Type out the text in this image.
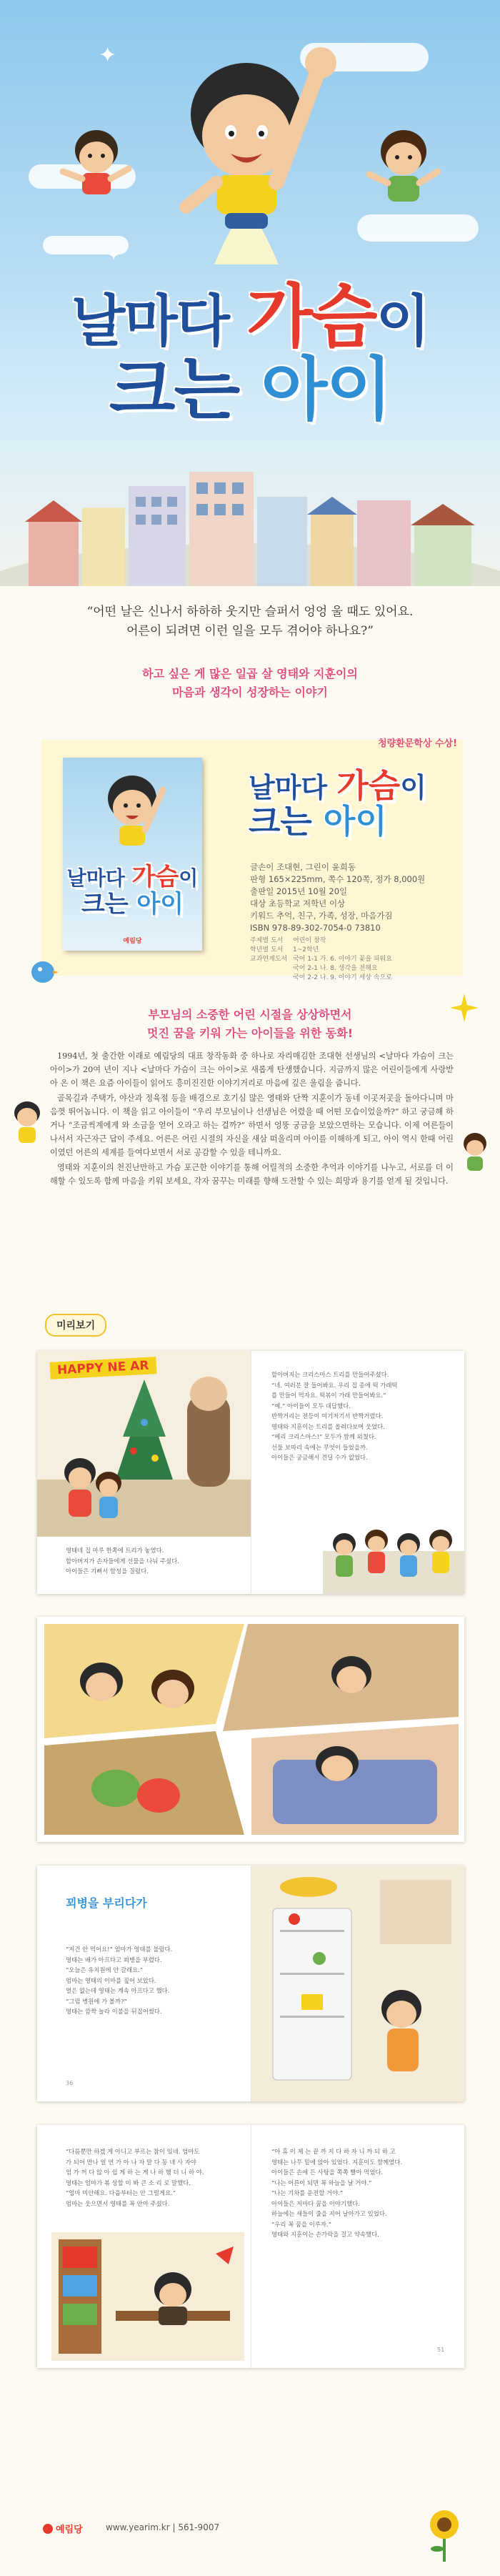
✦
✦
날마다 가슴이
크는 아이

“어떤 날은 신나서 하하하 웃지만 슬퍼서 엉엉 울 때도 있어요.

어른이 되려면 이런 일을 모두 겪어야 하나요?”

하고 싶은 게 많은 일곱 살 영태와 지훈이의

마음과 생각이 성장하는 이야기

청량환문학상 수상!
날마다 가슴이
크는 아이
예림당
날마다 가슴이
크는 아이
글손이 조대현, 그린이 윤희동
판형 165×225mm, 쪽수 120쪽, 정가 8,000원
출판일 2015년 10월 20일
대상 초등학교 저학년 이상
키워드 추억, 친구, 가족, 성장, 마음가짐
ISBN 978-89-302-7054-0 73810
주제별 도서	어린이 창작
학년별 도서	1~2학년
교과연계도서 국어 1-1 가. 6. 이야기 꽃을 피워요
국어 2-1 나. 8. 생각을 전해요
국어 2-2 나. 9. 이야기 세상 속으로

부모님의 소중한 어린 시절을 상상하면서

멋진 꿈을 키워 가는 아이들을 위한 동화!

1994년, 첫 출간한 이래로 예림당의 대표 창작동화 중 하나로 자리매김한 조대현 선생님의 <날마다 가슴이 크는 아이>가 20여 년이 지나 <날마다 가슴이 크는 아이>로 새롭게 탄생했습니다. 지금까지 많은 어린이들에게 사랑받아 온 이 책은 요즘 아이들이 읽어도 흥미진진한 이야기거리로 마음에 깊은 울림을 줍니다.

골목길과 주택가, 야산과 정육점 등을 배경으로 호기심 많은 영태와 단짝 지훈이가 동네 이곳저곳을 돌아다니며 마음껏 뛰어놉니다. 이 책을 읽고 아이들이 “우리 부모님이나 선생님은 어렸을 때 어떤 모습이었을까?” 하고 궁금해 하거나 “조금씩계에게 와 소금을 얻어 오라고 하는 걸까?” 하면서 엉뚱 궁금을 보았으면하는 모습니다. 이제 어른들이 나서서 자근자근 답이 주세요. 어른은 어린 시절의 자신을 새삼 떠올리며 아이를 이해하게 되고, 아이 역시 한때 어린이였던 어른의 세계를 들여다보면서 서로 공감할 수 있을 테니까요.

영태와 지훈이의 천진난만하고 가슴 포근한 이야기를 통해 어릴적의 소중한 추억과 이야기를 나누고, 서로를 더 이해할 수 있도록 함께 마음을 키워 보세요, 각자 꿈꾸는 미래를 향해 도전할 수 있는 희망과 용기를 얻게 될 것입니다.

미리보기
HAPPY NE AR
영태네 집 마루 한쪽에 트리가 놓였다.
할아버지가 손자들에게 선물을 나눠 주셨다.
아이들은 기뻐서 함성을 질렀다.
할아버지는 크리스마스 트리를 만들어주셨다.
“네. 여러분 잘 들어봐요. 우리 집 종에 떡 가래떡
를 만들어 먹자요. 떡볶이 가래 만들어봐요.”
“예.” 아이들이 모두 대답했다.
반짝거리는 전등이 여기저기서 반짝거렸다.
영태와 지훈이는 트리를 올려다보며 웃었다.
“메리 크리스마스!” 모두가 함께 외쳤다.
선물 보따리 속에는 무엇이 들었을까.
아이들은 궁금해서 견딜 수가 없었다.
꾀병을 부리다가
“저건 안 먹어요!” 엄마가 영태를 불렀다.
영태는 배가 아프다고 꾀병을 부렸다.
“오늘은 유치원에 안 갈래요.”
엄마는 영태의 이마를 짚어 보았다.
열은 없는데 영태는 계속 아프다고 했다.
“그럼 병원에 가 볼까?”
영태는 깜짝 놀라 이불을 뒤집어썼다.
36
“다름뿐만 하겠 게 아니고 부르는 참이 있네. 엄마도
가 되어 만나 얼 연 가 아 나 자 말 다 동 네 사 자야
엄 가 꺼 다 않 아 쉽 게 하 는 게 나 하 했 더 니 하 야.
영태는 엄마가 볶 상할 미 봐 큰 소 리 로 말했다.
“엄마 미안해요. 다음부터는 안 그럴게요.”
엄마는 웃으면서 영태를 꼭 안아 주셨다.
“아 휴 이 제 는 끝 까 지 다 하 자 니 까 되 하 고
영태는 나무 밑에 앉아 있었다. 지훈이도 함께였다.
아이들은 손에 든 사탕을 쪽쪽 빨아 먹었다.
“나는 어른이 되면 꼭 하늘을 날 거야.”
“나는 기차를 운전할 거야.”
아이들은 저마다 꿈을 이야기했다.
하늘에는 새들이 줄을 지어 날아가고 있었다.
“우리 꼭 꿈을 이루자.”
영태와 지훈이는 손가락을 걸고 약속했다.
51
예림당	www.yearim.kr | 561-9007
